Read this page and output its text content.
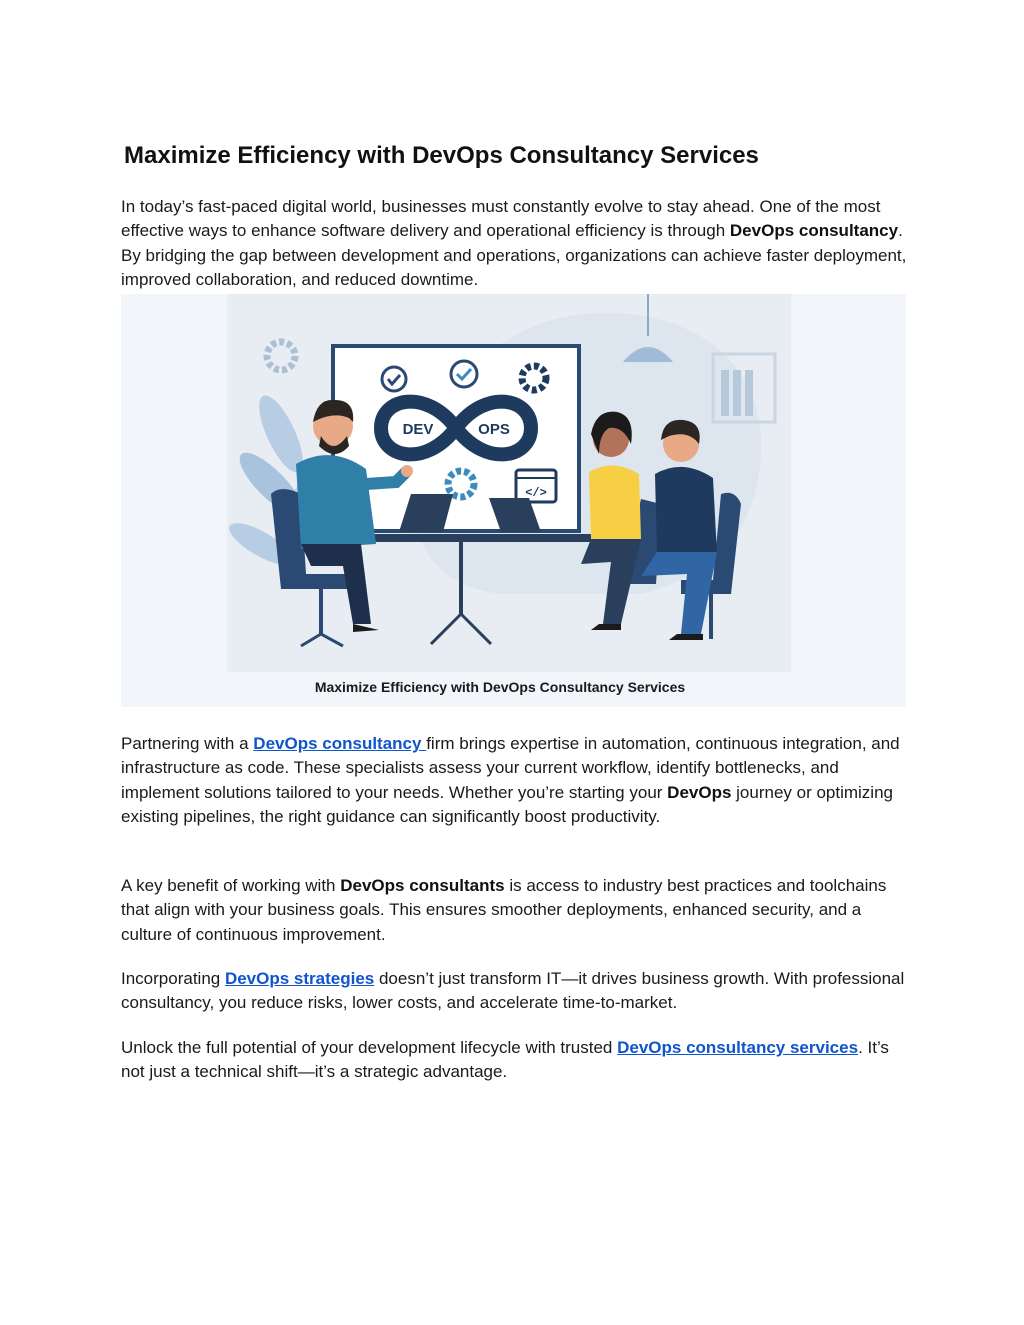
Maximize Efficiency with DevOps Consultancy Services

In today’s fast-paced digital world, businesses must constantly evolve to stay ahead. One of the most effective ways to enhance software delivery and operational efficiency is through DevOps consultancy. By bridging the gap between development and operations, organizations can achieve faster deployment, improved collaboration, and reduced downtime.

DEV	OPS
</>
Maximize Efficiency with DevOps Consultancy Services

Partnering with a DevOps consultancy firm brings expertise in automation, continuous integration, and infrastructure as code. These specialists assess your current workflow, identify bottlenecks, and implement solutions tailored to your needs. Whether you’re starting your DevOps journey or optimizing existing pipelines, the right guidance can significantly boost productivity.

A key benefit of working with DevOps consultants is access to industry best practices and toolchains that align with your business goals. This ensures smoother deployments, enhanced security, and a culture of continuous improvement.

Incorporating DevOps strategies doesn’t just transform IT—it drives business growth. With professional consultancy, you reduce risks, lower costs, and accelerate time-to-market.

Unlock the full potential of your development lifecycle with trusted DevOps consultancy services. It’s not just a technical shift—it’s a strategic advantage.
